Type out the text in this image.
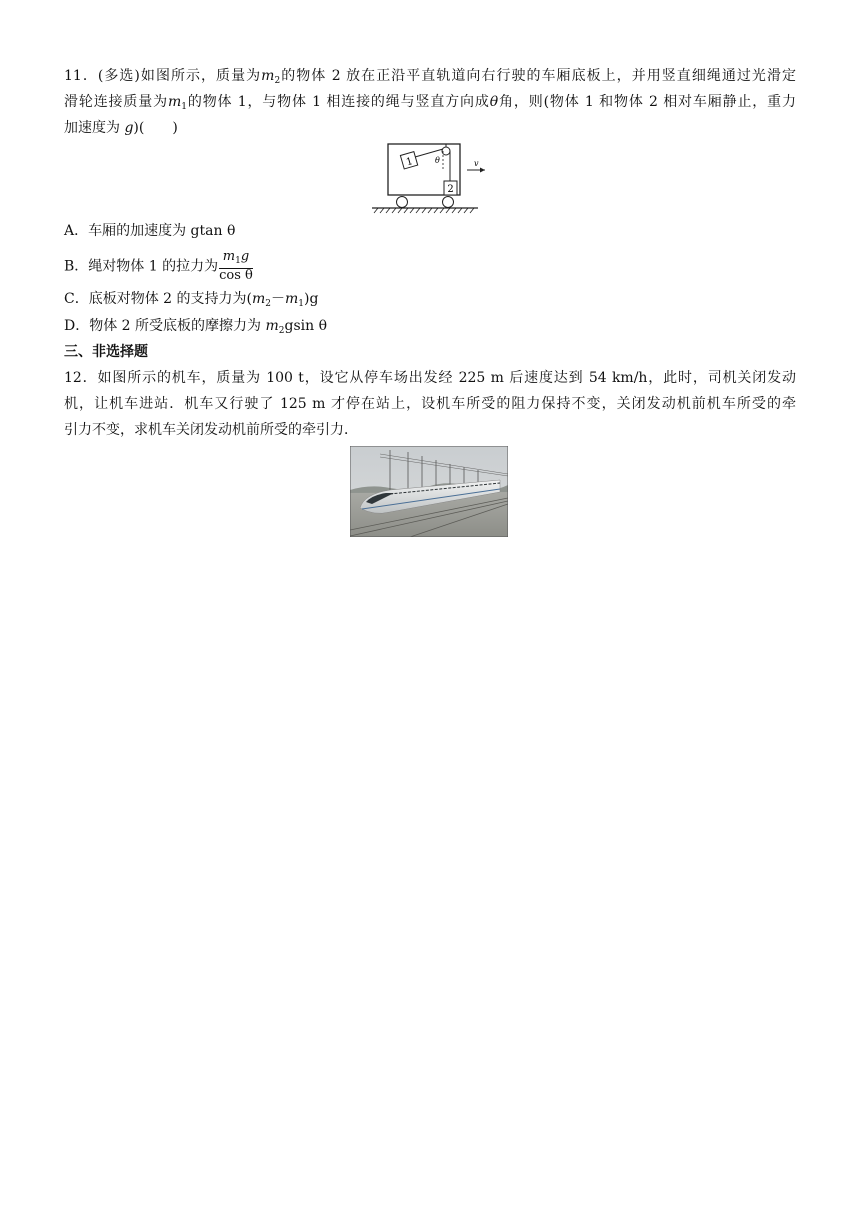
11．(多选)如图所示，质量为$m_2$的物体 2 放在正沿平直轨道向右行驶的车厢底板上，并用竖直细绳通过光滑定
滑轮连接质量为$m_1$的物体 1，与物体 1 相连接的绳与竖直方向成θ角，则(物体 1 和物体 2 相对车厢静止，重力
加速度为 g)(　　)
1	θ
2
v
A．车厢的加速度为 gtan θ
B．绳对物体 1 的拉力为 $\frac{m_1g}{\text{cos θ}}$
C．底板对物体 2 的支持力为$(m_2-m_1)g$
D．物体 2 所受底板的摩擦力为 $m_2gsin$ θ
三、非选择题
12．如图所示的机车，质量为 100 t，设它从停车场出发经 225 m 后速度达到 54 km/h，此时，司机关闭发动
机，让机车进站．机车又行驶了 125 m 才停在站上，设机车所受的阻力保持不变，关闭发动机前机车所受的牵
引力不变，求机车关闭发动机前所受的牵引力．
